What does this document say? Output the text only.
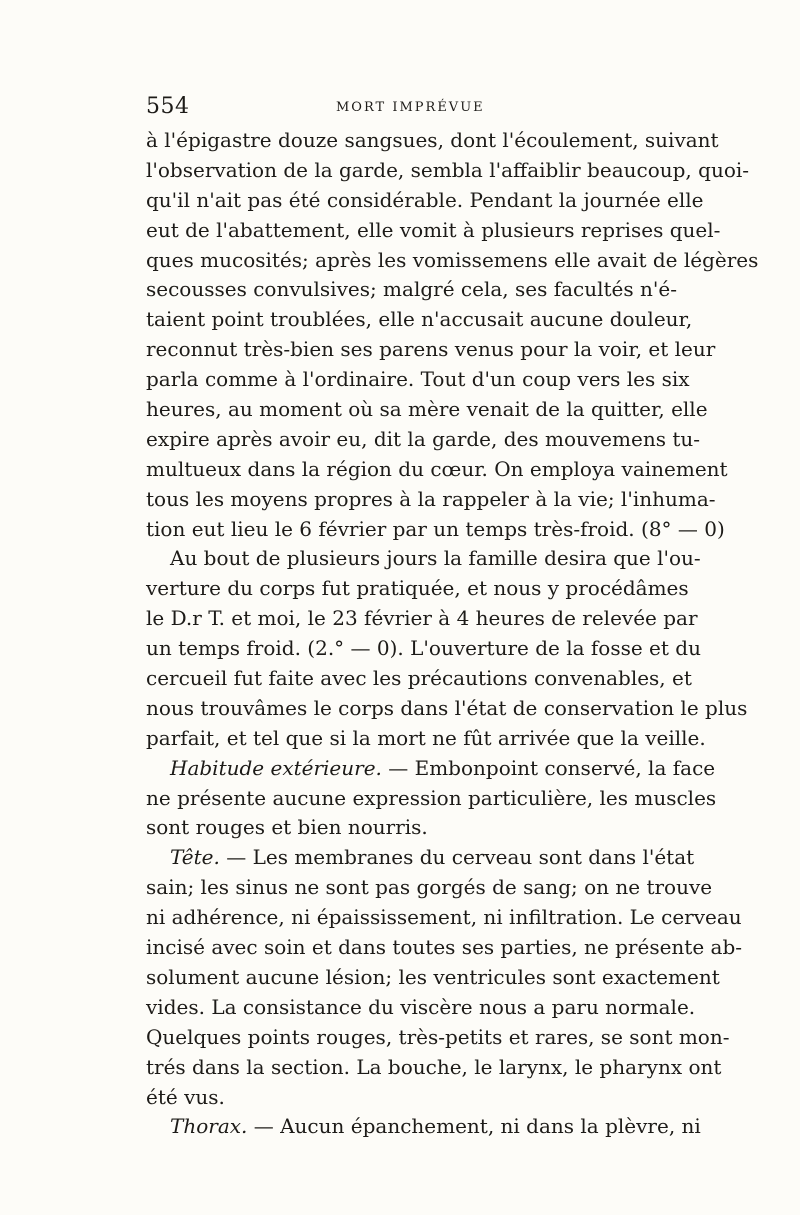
554	MORT IMPRÉVUE
à l'épigastre douze sangsues, dont l'écoulement, suivant
l'observation de la garde, sembla l'affaiblir beaucoup, quoi-
qu'il n'ait pas été considérable. Pendant la journée elle
eut de l'abattement, elle vomit à plusieurs reprises quel-
ques mucosités; après les vomissemens elle avait de légères
secousses convulsives; malgré cela, ses facultés n'é-
taient point troublées, elle n'accusait aucune douleur,
reconnut très-bien ses parens venus pour la voir, et leur
parla comme à l'ordinaire. Tout d'un coup vers les six
heures, au moment où sa mère venait de la quitter, elle
expire après avoir eu, dit la garde, des mouvemens tu-
multueux dans la région du cœur. On employa vainement
tous les moyens propres à la rappeler à la vie; l'inhuma-
tion eut lieu le 6 février par un temps très-froid. (8° — 0)
Au bout de plusieurs jours la famille desira que l'ou-
verture du corps fut pratiquée, et nous y procédâmes
le D.r T. et moi, le 23 février à 4 heures de relevée par
un temps froid. (2.° — 0). L'ouverture de la fosse et du
cercueil fut faite avec les précautions convenables, et
nous trouvâmes le corps dans l'état de conservation le plus
parfait, et tel que si la mort ne fût arrivée que la veille.
Habitude extérieure. — Embonpoint conservé, la face
ne présente aucune expression particulière, les muscles
sont rouges et bien nourris.
Tête. — Les membranes du cerveau sont dans l'état
sain; les sinus ne sont pas gorgés de sang; on ne trouve
ni adhérence, ni épaississement, ni infiltration. Le cerveau
incisé avec soin et dans toutes ses parties, ne présente ab-
solument aucune lésion; les ventricules sont exactement
vides. La consistance du viscère nous a paru normale.
Quelques points rouges, très-petits et rares, se sont mon-
trés dans la section. La bouche, le larynx, le pharynx ont
été vus.
Thorax. — Aucun épanchement, ni dans la plèvre, ni
